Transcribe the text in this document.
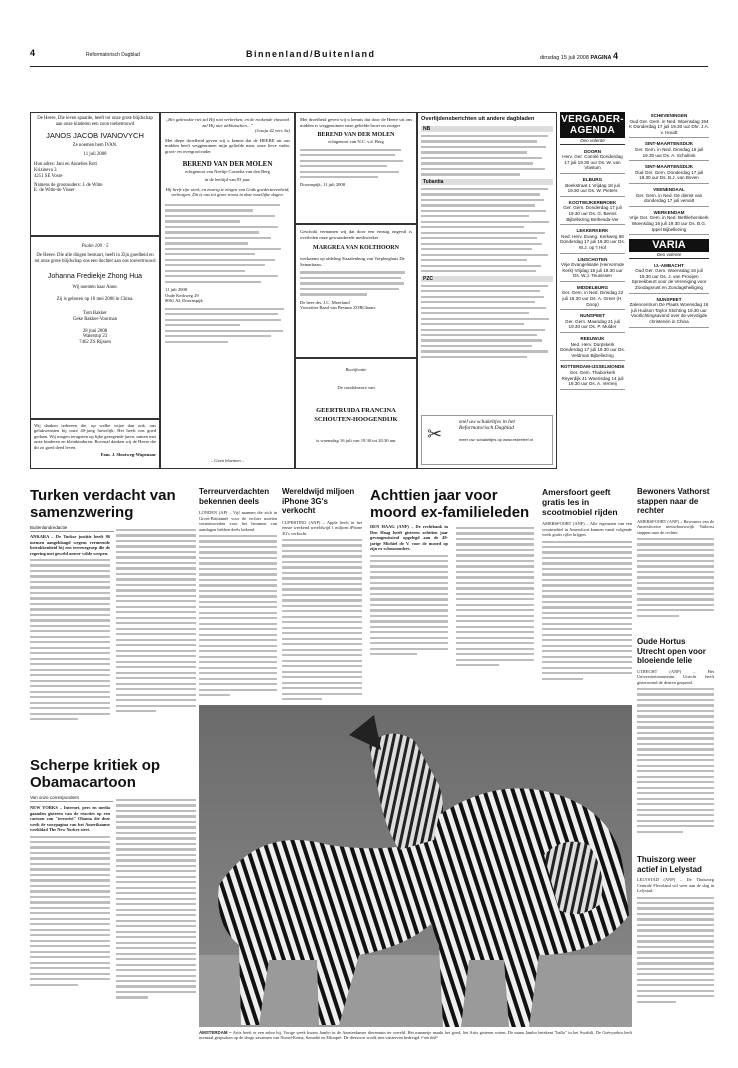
4	Reformatorisch Dagblad	Binnenland/Buitenland	dinsdag 15 juli 2008 PAGINA 4
De Heere, Die leven spaarde, heeft tot onze grote blijdschap aan onze kinderen een zoon toebetrouwd
JANOS JACOB IVANOVYCH
Ze noemen hem IVAN.
11 juli 2008
Hun adres: Jani en Annelies Roti
Krizineva 3
4251 SE Vosre
Namens de grootouders: J. de Witte
E. de Witte-de Visser
Psalm 100 : 5
De Heere. Die alle dingen bestuurt, heeft in Zijn goedheid en tot onze grote blijdschap ons een dochter aan ons toevertrouwd
Johanna Frediekje Zhong Hua
Wij noemen haar Anne.
Zij is geboren op 18 mei 2006 in China.
Tom Bakker
Geke Bakker-Voorman
28 juni 2008
Waterstip 23
7462 ZS Rijssen
Wij danken iedereen die, op welke wijze dan ook, ons gelukwensten bij onze 40-jarig huwelijk. Het heeft ons goed gedaan. Wij mogen terugzien op lijke gezegende jaren, samen met onze kinderen en kleinkinderen. Bovenal danken wij de Heere die dit zo goed deed leven.
Fam. J. Slootweg-Wapenaar
„Het gekrookte riet zal Hij niet verbreken, en de rookende vlaswiek zal Hij niet uitblusschen...”
(Jesaja 42 vers 3a)
Met diepe droefheid geven wij u kennis dat de HEERE uit ons midden heeft weggenomen mijn geliefde man, onze lieve vader, groot- en overgrootvader
BEREND VAN DER MOLEN
echtgenoot van Neeltje Cornelia van den Berg
in de leeftijd van 83 jaar.
Hij heeft zijn werk, en zwarig te zingen van Gods goedertierenheid, verborgen. Dit is ons tot grote troost in deze moeilijke dagen.
11 juli 2008
Oude Kerkweg 29
8061 AL Doornspijk
– Geen bloemen –
Met droefheid geven wij u kennis dat door de Heere uit ons midden is weggenomen onze geliefde broer en zwager
BEREND VAN DER MOLEN
echtgenoot van N.C. v.d. Berg
Doornspijk, 11 juli 2008
Geschokt vernamen wij dat door een ernstig ongeval is overleden onze gewaardeerde medewerker
MARGREA VAN KOLTHOORN
werkzaam op afdeling Straalenburg van Verpleeghuis De Samaritaan.
De heer drs. J.C. Moerland
Voorzitter Raad van Bestuur ZORGbaars
Rectificatie
De condoleance van
GEERTRUIDA FRANCINA SCHOUTEN-HOOGENDIJK
is woensdag 16 juli van 19.30 tot 20.30 uur
Overlijdensberichten uit andere dagbladen
NB
Tubantia
PZC
✂
snel uw schakeltjes in het
Reformatorisch Dagblad
meer uw: schakeltjes op www.erdeetref.nl
VERGADER-AGENDA
Deo volente
DOORN
Herv. Ger. Comité Donderdag 17 juli 19.30 uur Ds. W. van Vlastuin
ELBURG
Beekstraat 1 Vrijdag 18 juli 19.30 uur Ds. W. Pieters
KOOTWIJKERBROEK
Ger. Gem. Donderdag 17 juli 19.30 uur Ds. G. Beens Bijbellezing Bethesda-Ver
LEKKERKERK
Ned. Herv. Evang. Kerkweg 68 Donderdag 17 juli 19.30 uur Ds. W.J. op 't Hof
LINSCHOTEN
Vrije Evangelisatie (Hervormde Kerk) Vrijdag 18 juli 19.30 uur Ds. W.J. Teunissen
MIDDELBURG
Ger. Gem. in Ned. Dinsdag 22 juli 19.30 uur Ds. A. Greer (H. Doop)
NUNSPEET
Ger. Gem. Maandag 21 juli 19.30 uur Ds. P. Mulder
REEUWIJK
Ned. Herv. Dorpskerk Donderdag 17 juli 19.30 uur Ds. Veldman Bijbellezing
ROTTERDAM-IJSSELMONDE
Ger. Gem. Thaborkerk Reyerdijk 41 Woensdag 14 juli 19.30 uur Ds. A. Verneij
SCHEVENINGEN
Oud Ger. Gem. in Ned. Woensdag 194 K Donderdag 17 juli 19.30 uur Dhr. J.A. v. Houdt
SINT-MAARTENSDIJK
Ger. Gem. in Ned. Dinsdag 15 juli 19.30 uur Ds. A. Schultink
SINT-MAARTENSDIJK
Oud Ger. Gem. Donderdag 17 juli 19.30 uur Ds. B.J. van Boven
VEENENDAAL
Ger. Gem. in Ned. De dienst van donderdag 17 juli vervalt
WERKENDAM
Vrije Ger. Gem. in Ned. Bethlehemkerk Woensdag 16 juli 19.30 uur Ds. B.G. Ippel Bijbellezing
VARIA
Deo volente
IJ.-AMBACHT
Oud Ger. Gem. Woensdag 16 juli 19.30 uur Ds. J. van Prooijen Spreekbeurt voor de Vereniging voor Zondagsrust en Zondagsheiliging
NUNSPEET
Zalencentrum De Plaats Woensdag 16 juli Hudson Taylor Stichting 19.30 uur Voorlichtingsavond over de vervolgde christenen in China
Turken verdacht van samenzwering
Buitenlandredactie
ANKARA – De Turkse justitie heeft 86 mensen aangeklaagd wegens vermeende betrokkenheid bij een terreurgroep die de regering met geweld omver wilde werpen.
Terreurverdachten bekennen deels
LONDEN (AP) – Vijf mannen die zich in Groot-Brittannië voor de rechter moeten verantwoorden voor het beramen van aanslagen hebben deels bekend.
Wereldwijd miljoen iPhone 3G's verkocht
CUPERTINO (ANP) – Apple heeft in het eerste weekend wereldwijd 1 miljoen iPhone 3G's verkocht.
Achttien jaar voor moord ex-familieleden
DEN HAAG (ANP) – De rechtbank in Den Haag heeft gisteren achttien jaar gevangenisstraf opgelegd aan de 49-jarige Michiel de V. voor de moord op zijn ex-schoonouders.
Amersfoort geeft gratis les in scootmobiel rijden
AMERSFOORT (ANP) – Alle eigenaren van een scootmobiel in Amersfoort kunnen vanaf volgende week gratis rijles krijgen.
Bewoners Vathorst stappen naar de rechter
AMERSFOORT (ANP) – Bewoners van de Amersfoortse nieuwbouwwijk Vathorst stappen naar de rechter.
Oude Hortus Utrecht open voor bloeiende lelie
UTRECHT (ANP) – Het Universiteitsmuseum Utrecht heeft gisteravond de deuren geopend.
Thuiszorg weer actief in Lelystad
LELYSTAD (ANP) – De Thuiszorg Centrale Flevoland wil weer aan de slag in Lelystad.
Scherpe kritiek op Obamacartoon
Van onze correspondent
NEW YORKS – Internet, pers en media gaanden gisteren van de reacties op een cartoon van "terrorist" Obama die deze week de voorpagina van het Amerikaanse weekblad The New Yorker siert.
AMSTERDAM – Artis heeft er een zebra bij. Vorige week kwam Jambo in de Amsterdamse dierentuin ter wereld. Het mannetje maakt het goed, liet Artis gisteren weten. De naam Jambo betekent "hallo" in het Swahili. De Grévyzebra leeft normaal gesproken op de droge savannen van Noord-Kenia, Somalië en Ethiopië. De diersoort wordt met uitsterven bedreigd. Foto ANP
